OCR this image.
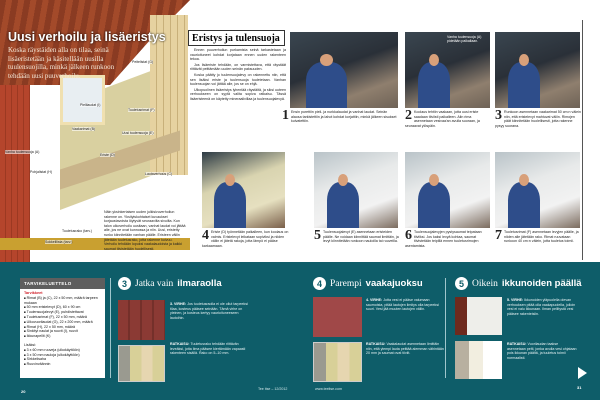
Peitelistat (G)
Pielilaudat (I)
Vaakarimat (B)
Tuuletusrimat (F)
Uusi tuulensuoja (E)
Eriste (D)
Vanha tuulensuoja (A)
Lautaverhous (C)
Pohjalistat (H)
Sokkelilista (tarv.)
Tuuletusrako (tarv.)
Uusi verhoilu ja lisäeristys
Koska räystäiden alla on tilaa, seinä lisäeristetään ja käsitellään uusilla tuulensuojilla, minkä jälkeen runkoon tehdään uusi puuverhoilu.
Näin yksinkertaisen uuden julkisivuverhoilun rakenne on. Yksityiskohtaiset kuvaukset korjaustavoista löytyvät seuraavilta sivuilta. Kun talon ulkoverhoilu uusitaan, vanhat laudat voi jättää alle, jos ne ovat kunnossa ja niin. Uusi, eristetty runko kiinnitetään vanhan päälle. Eristeen väliin jätetään tuuletusrako, jotta rakenne kuivuu. Verhoilu tehdään lopuksi vaakalaudoista ja kaikki saumat tiivistetään huolellisesti.
Eristys ja tulensuoja

Ennen puuverhoilun purkamista seinä tarkastetaan ja vaurioituneet kohdat korjataan ennen uuden rakenteen tekoa.

Jos lisäeriste tehdään, on varmistettava, että räystäät riittävät peittämään uuden seinän paksuuden.

Koska päätty jo tuulensuojalevy on rakennettu niin, että sen lisäksi eriste ja tuulensuoja tuuletetaan. Vanhan tuulensuojan voi jättää alle, jos se on ehjä.

Ulkopuolinen lisäeristys lyhentää räystäitä, ja siksi uuteen verhoukseen on syytä valita sopiva ratkaisu. Tässä lisäeristeenä on käytetty mineraalivillaa ja tuulensuojalevyä.

1 Ensin purettiin pieli- ja nurkkalaudat ja vanhat laudat. Seinän alaosa tarkistettiin ja lahot kohdat korjattiin, minkä jälkeen sisukset kuivatettiin.
Vanha tuulensuoja (A) pidetään paikallaan.
2 Koolaus tehtiin vaakaan, jotta uusi eriste saadaan tiiviisti paikalleen. Alin rima asennetaan vesivaa'an avulla suoraan, ja seuraavat ylöspäin.
3 Runkoon asennetaan vaakarimat 50 cm:n välein niin, että eristelevyt mahtuvat väliin. Rimojen päät kiinnitetään huolellisesti, jotta rakenne pysyy suorana.
4 Eriste (D) työnnetään paikalleen, kun koolaus on valmis. Eristelevyt leikataan sopiviksi ja niiden väliin ei jätetä rakoja, jotta lämpö ei pääse karkaamaan.
5 Tuulensuojalevyt (E) asennetaan eristeiden päälle. Ne voidaan kiinnittää saumat limittäin, ja levyt kiinnitetään runkoon nauloilla tai ruuveilla. 6 Tuulensuojalevyjen pystysaumat teipataan tiiviiksi. Jos kaksi levyä kohtaa, saumat tiivistetään teipillä ennen tuuletusrimojen asentamista.
7 Tuuletusrimat (F) asennetaan levyjen päälle, ja niiden alle jätetään rako. Rimat ruuvataan runkoon 40 cm:n välein, jotta tuuletus toimii.
TARVIKELUETTELO
Tarvikkeet
■ Rimat (B) ja (C), 22 x 50 mm, määrä tarpeen mukaan
■ 50 mm eristelevyt (D), 60 x 90 cm
■ Tuulensuojalevyt (E), puhdistettavat
■ Tuuletusrimat (F), 22 x 50 mm, määrä
■ Ulkovuorilaudat (G), 22 x 200 mm, määrä
■ Rimat (H), 22 x 50 mm, määrä
■ Sinkityt naulat ja ruuvit (I), ruuvit
■ Ikkunapellit (K)
Lisäksi:
■ 3 x 60 mm ruuveja (ulkokäyttöön)
■ 3 x 50 mm nauloja (ulkokäyttöön)
■ Sirkkelisaha
■ Ruuvinväännin
3 Jatka vain ilmaraolla
3. VIRHE: Jos tuuletusraolla ei ole ollut tarpeeksi tilaa, kosteus pääsee seinään. Tämä virhe on yleinen, ja kosteus kertyy vaurioituneeseen lautoihin.
RATKAISU: Tuuletusrako tehdään riittävän leveäksi, jotta ilma pääsee kiertämään vapaasti rakenteen sisällä. Rako on 5–10 mm.
4 Parempi vaakajuoksu
4. VIRHE: Jotta vesi ei pääse valumaan saumoista, pitää lautojen limitys olla tarpeeksi suuri. Vesi jää muuten lautojen väliin.
RATKAISU: Vaakalaudat asennetaan limittäin niin, että ylempi lauta peittää alemman vähintään 20 mm ja saumat ovat tiiviit.
5 Oikein ikkunoiden päällä
5. VIRHE: Ikkunoiden yläpuolella olevan verhouksen pitää olla vaakapuolella, jolloin vesi ei valu ikkunaan. Ilman pellitystä vesi pääsee rakenteisiin.
RATKAISU: Vuorilaudan taakse asennetaan pelti, jonka avulla vesi ohjataan pois ikkunan päältä, ja tuuletus toimii normaalisti.
20
31
Tee itse – 12/2012	www.teeitse.com
